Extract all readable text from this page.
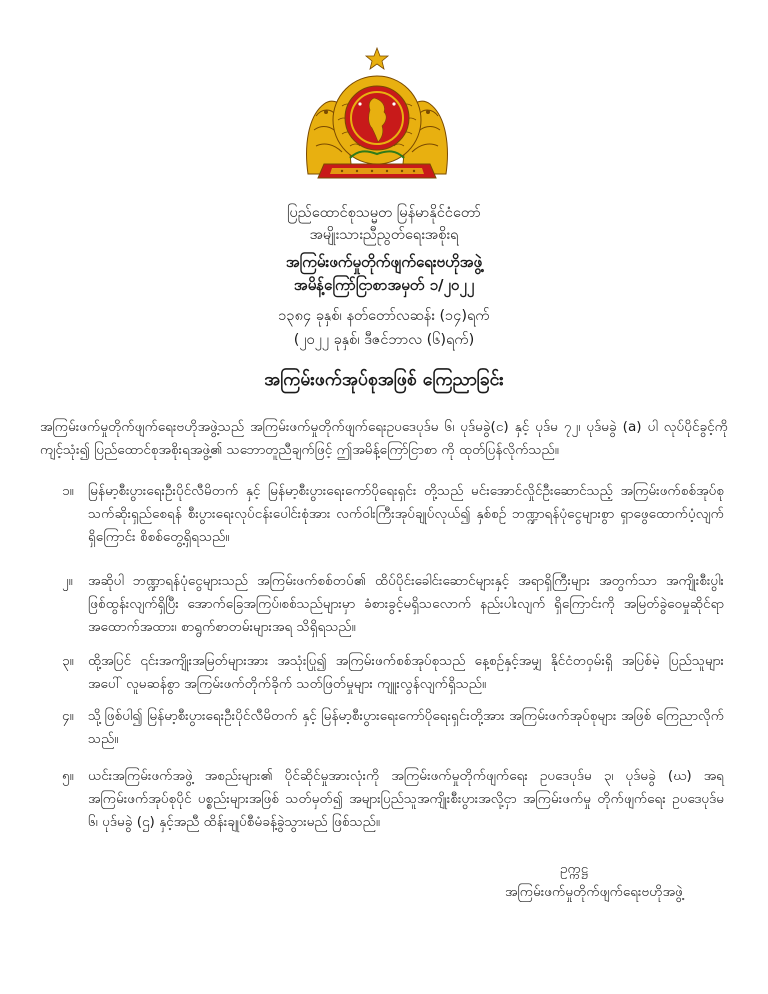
ပြည်ထောင်စုသမ္မတ မြန်မာနိုင်ငံတော်
အမျိုးသားညီညွတ်ရေးအစိုးရ
အကြမ်းဖက်မှုတိုက်ဖျက်ရေးဗဟိုအဖွဲ့
အမိန့်ကြော်ငြာစာအမှတ် ၁/၂၀၂၂
၁၃၈၄ ခုနှစ်၊ နတ်တော်လဆန်း (၁၄)ရက်
(၂၀၂၂ ခုနှစ်၊ ဒီဇင်ဘာလ (၆)ရက်)
အကြမ်းဖက်အုပ်စုအဖြစ် ကြေညာခြင်း
အကြမ်းဖက်မှုတိုက်ဖျက်ရေးဗဟိုအဖွဲ့သည် အကြမ်းဖက်မှုတိုက်ဖျက်ရေးဥပဒေပုဒ်မ ၆၊ ပုဒ်မခွဲ(င) နှင့် ပုဒ်မ ၇၂၊ ပုဒ်မခွဲ (a) ပါ လုပ်ပိုင်ခွင့်ကို ကျင့်သုံး၍ ပြည်ထောင်စုအစိုးရအဖွဲ့၏ သဘောတူညီချက်ဖြင့် ဤအမိန့်ကြော်ငြာစာ ကို ထုတ်ပြန်လိုက်သည်။
၁။ မြန်မာ့စီးပွားရေးဦးပိုင်လီမိတက် နှင့် မြန်မာ့စီးပွားရေးကော်ပိုရေးရှင်း တို့သည် မင်းအောင်လှိုင်ဦးဆောင်သည့် အကြမ်းဖက်စစ်အုပ်စု သက်ဆိုးရှည်စေရန် စီးပွားရေးလုပ်ငန်းပေါင်းစုံအား လက်ဝါးကြီးအုပ်ချုပ်လုယ်၍ နှစ်စဉ် ဘဏ္ဍာရန်ပုံငွေများစွာ ရှာဖွေထောက်ပံ့လျက်ရှိကြောင်း စိစစ်တွေ့ရှိရသည်။
၂။ အဆိုပါ ဘဏ္ဍာရန်ပုံငွေများသည် အကြမ်းဖက်စစ်တပ်၏ ထိပ်ပိုင်းခေါင်းဆောင်များနှင့် အရာရှိကြီးများ အတွက်သာ အကျိုးစီးပွါးဖြစ်ထွန်းလျက်ရှိပြီး အောက်ခြေအကြပ်၊စစ်သည်များမှာ ခံစားခွင့်မရှိသလောက် နည်းပါးလျက် ရှိကြောင်းကို အမြတ်ခွဲဝေမှုဆိုင်ရာ အထောက်အထား၊ စာရွက်စာတမ်းများအရ သိရှိရသည်။
၃။ ထို့အပြင် ၎င်းအကျိုးအမြတ်များအား အသုံးပြု၍ အကြမ်းဖက်စစ်အုပ်စုသည် နေ့စဉ်နှင့်အမျှ နိုင်ငံတဝှမ်းရှိ အပြစ်မဲ့ ပြည်သူများအပေါ် လူမဆန်စွာ အကြမ်းဖက်တိုက်ခိုက် သတ်ဖြတ်မှုများ ကျူးလွန်လျက်ရှိသည်။
၄။ သို့ဖြစ်ပါ၍ မြန်မာ့စီးပွားရေးဦးပိုင်လီမိတက် နှင့် မြန်မာ့စီးပွားရေးကော်ပိုရေးရှင်းတို့အား အကြမ်းဖက်အုပ်စုများ အဖြစ် ကြေညာလိုက်သည်။
၅။ ယင်းအကြမ်းဖက်အဖွဲ့ အစည်းများ၏ ပိုင်ဆိုင်မှုအားလုံးကို အကြမ်းဖက်မှုတိုက်ဖျက်ရေး ဥပဒေပုဒ်မ ၃၊ ပုဒ်မခွဲ (ဃ) အရ အကြမ်းဖက်အုပ်စုပိုင် ပစ္စည်းများအဖြစ် သတ်မှတ်၍ အများပြည်သူအကျိုးစီးပွားအလို့ငှာ အကြမ်းဖက်မှု တိုက်ဖျက်ရေး ဥပဒေပုဒ်မ ၆၊ ပုဒ်မခွဲ (ဌ) နှင့်အညီ ထိန်းချုပ်စီမံခန့်ခွဲသွားမည် ဖြစ်သည်။
ဥက္ကဋ္ဌ
အကြမ်းဖက်မှုတိုက်ဖျက်ရေးဗဟိုအဖွဲ့
